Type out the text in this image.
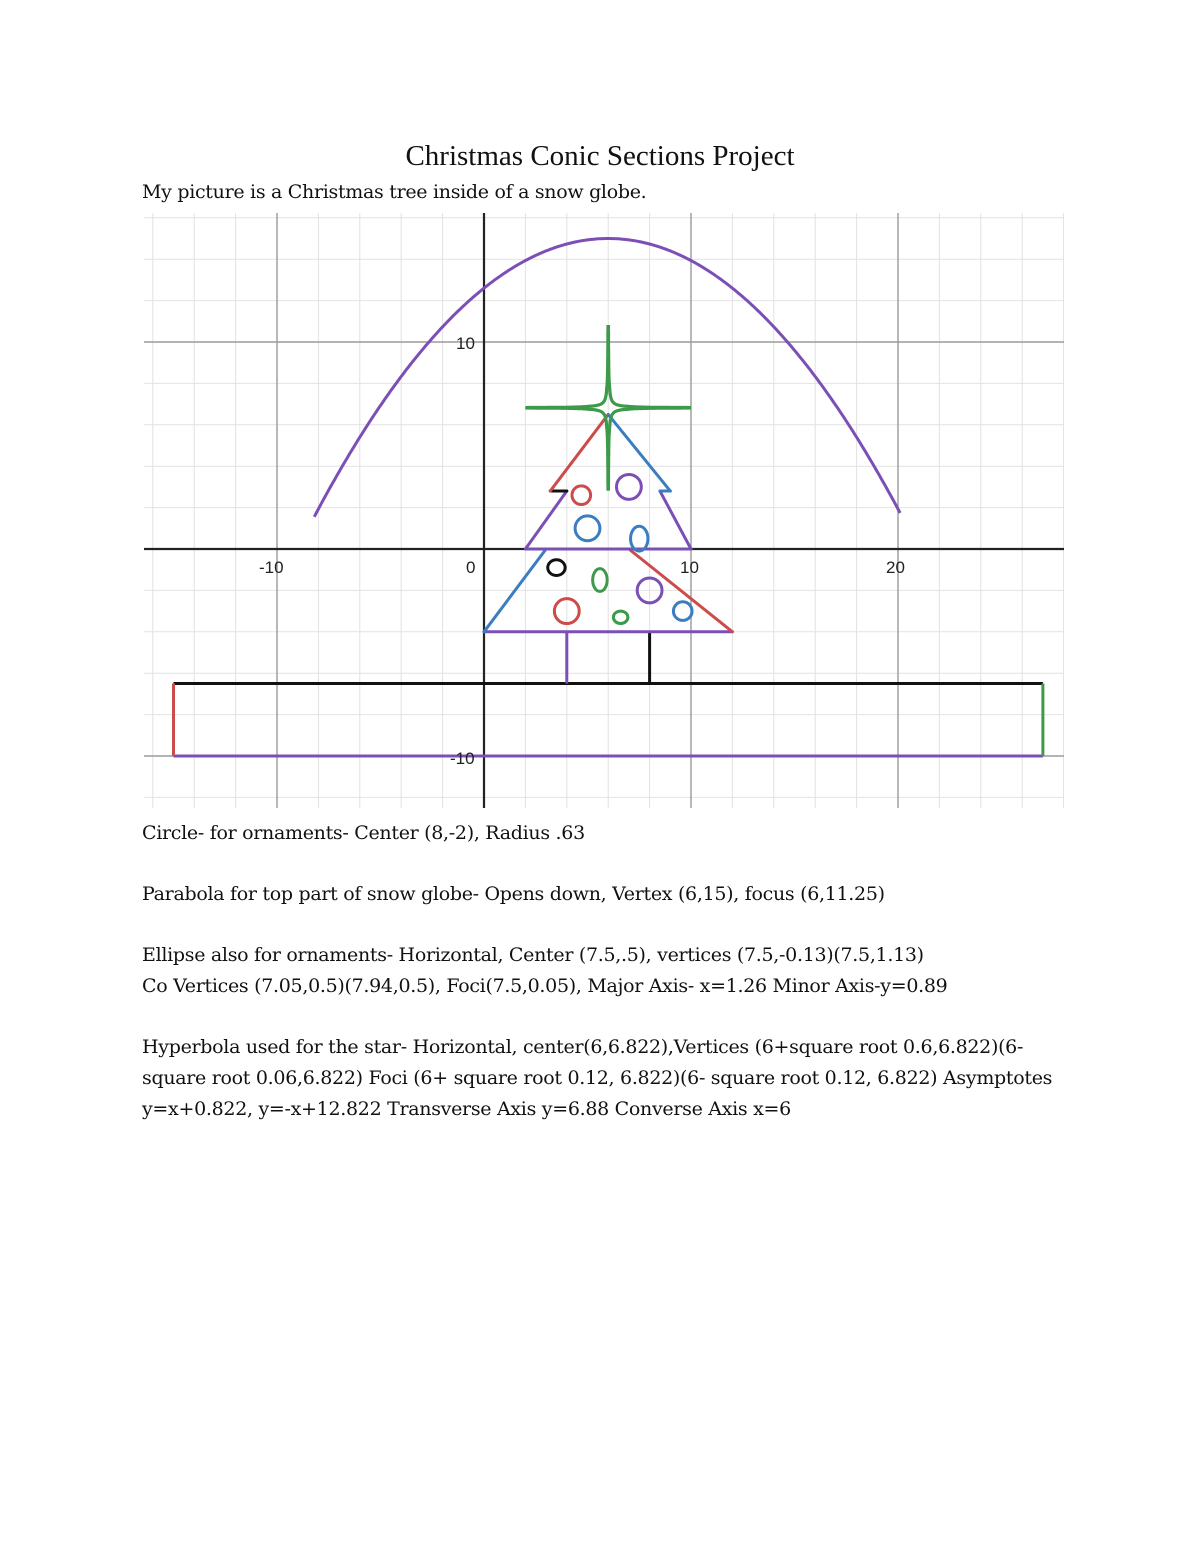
Christmas Conic Sections Project
My picture is a Christmas tree inside of a snow globe.
-10	0	10	20
10
-10

Circle- for ornaments- Center (8,-2), Radius .63

Parabola for top part of snow globe- Opens down, Vertex (6,15), focus (6,11.25)

Ellipse also for ornaments- Horizontal, Center (7.5,.5), vertices (7.5,-0.13)(7.5,1.13)
Co Vertices (7.05,0.5)(7.94,0.5), Foci(7.5,0.05), Major Axis- x=1.26 Minor Axis-y=0.89

Hyperbola used for the star- Horizontal, center(6,6.822),Vertices (6+square root 0.6,6.822)(6- square root 0.06,6.822) Foci (6+ square root 0.12, 6.822)(6- square root 0.12, 6.822) Asymptotes y=x+0.822, y=-x+12.822 Transverse Axis y=6.88 Converse Axis x=6
